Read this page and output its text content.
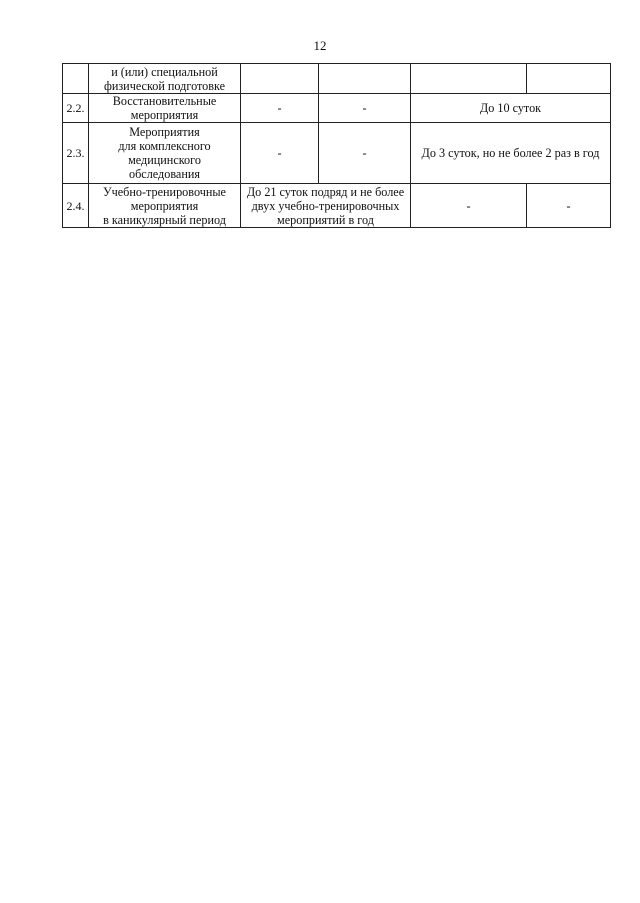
12

	и (или) специальной
физической подготовке				

2.2.	Восстановительные
мероприятия	-	-	До 10 суток	
2.3.	Мероприятия
для комплексного
медицинского
обследования	-	-	До 3 суток, но не более 2 раз в год	
2.4.	Учебно-тренировочные
мероприятия
в каникулярный период	До 21 суток подряд и не более
двух учебно-тренировочных
мероприятий в год		-	-
